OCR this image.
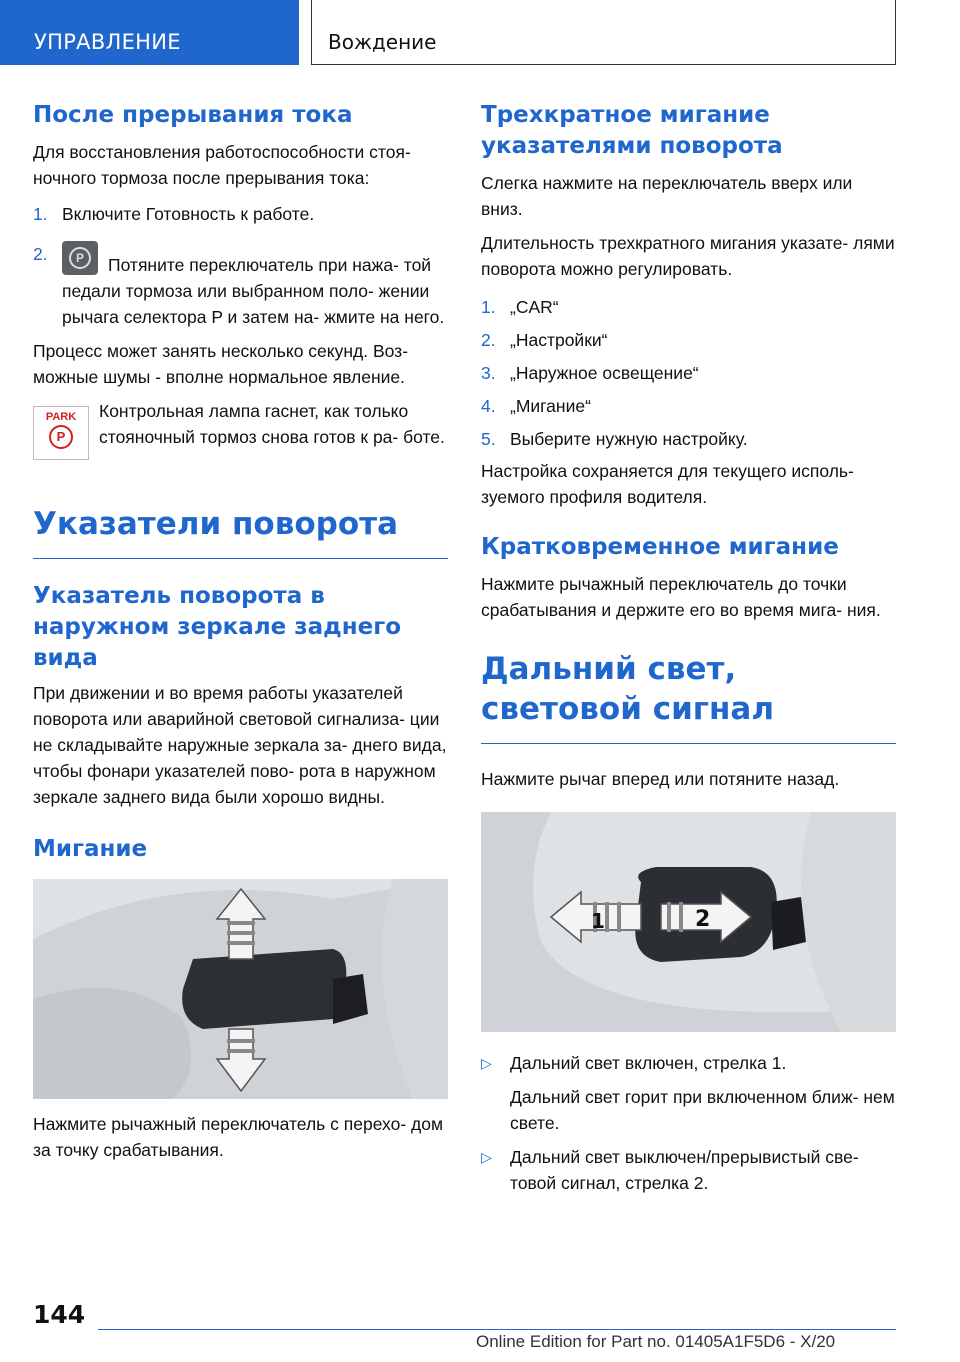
УПРАВЛЕНИЕ	Вождение
После прерывания тока

Для восстановления работоспособности стоя- ночного тормоза после прерывания тока:

1. Включите Готовность к работе.
2.	P	Потяните переключатель при нажа- той педали тормоза или выбранном поло- жении рычага селектора P и затем на- жмите на него.

Процесс может занять несколько секунд. Воз- можные шумы - вполне нормальное явление.

PARK
P

Контрольная лампа гаснет, как только стояночный тормоз снова готов к ра- боте.

Указатели поворота
Указатель поворота в наружном зеркале заднего вида

При движении и во время работы указателей поворота или аварийной световой сигнализа- ции не складывайте наружные зеркала за- днего вида, чтобы фонари указателей пово- рота в наружном зеркале заднего вида были хорошо видны.

Мигание

Нажмите рычажный переключатель с перехо- дом за точку срабатывания.

Трехкратное мигание указателями поворота

Слегка нажмите на переключатель вверх или вниз.

Длительность трехкратного мигания указате- лями поворота можно регулировать.

1. „CAR“
2. „Настройки“
3. „Наружное освещение“
4. „Мигание“
5. Выберите нужную настройку.

Настройка сохраняется для текущего исполь- зуемого профиля водителя.

Кратковременное мигание

Нажмите рычажный переключатель до точки срабатывания и держите его во время мига- ния.

Дальний свет, световой сигнал

Нажмите рычаг вперед или потяните назад.

1	2
▷	Дальний свет включен, стрелка 1.
Дальний свет горит при включенном ближ- нем свете.
▷	Дальний свет выключен/прерывистый све- товой сигнал, стрелка 2.
144
Online Edition for Part no. 01405A1F5D6 - X/20
